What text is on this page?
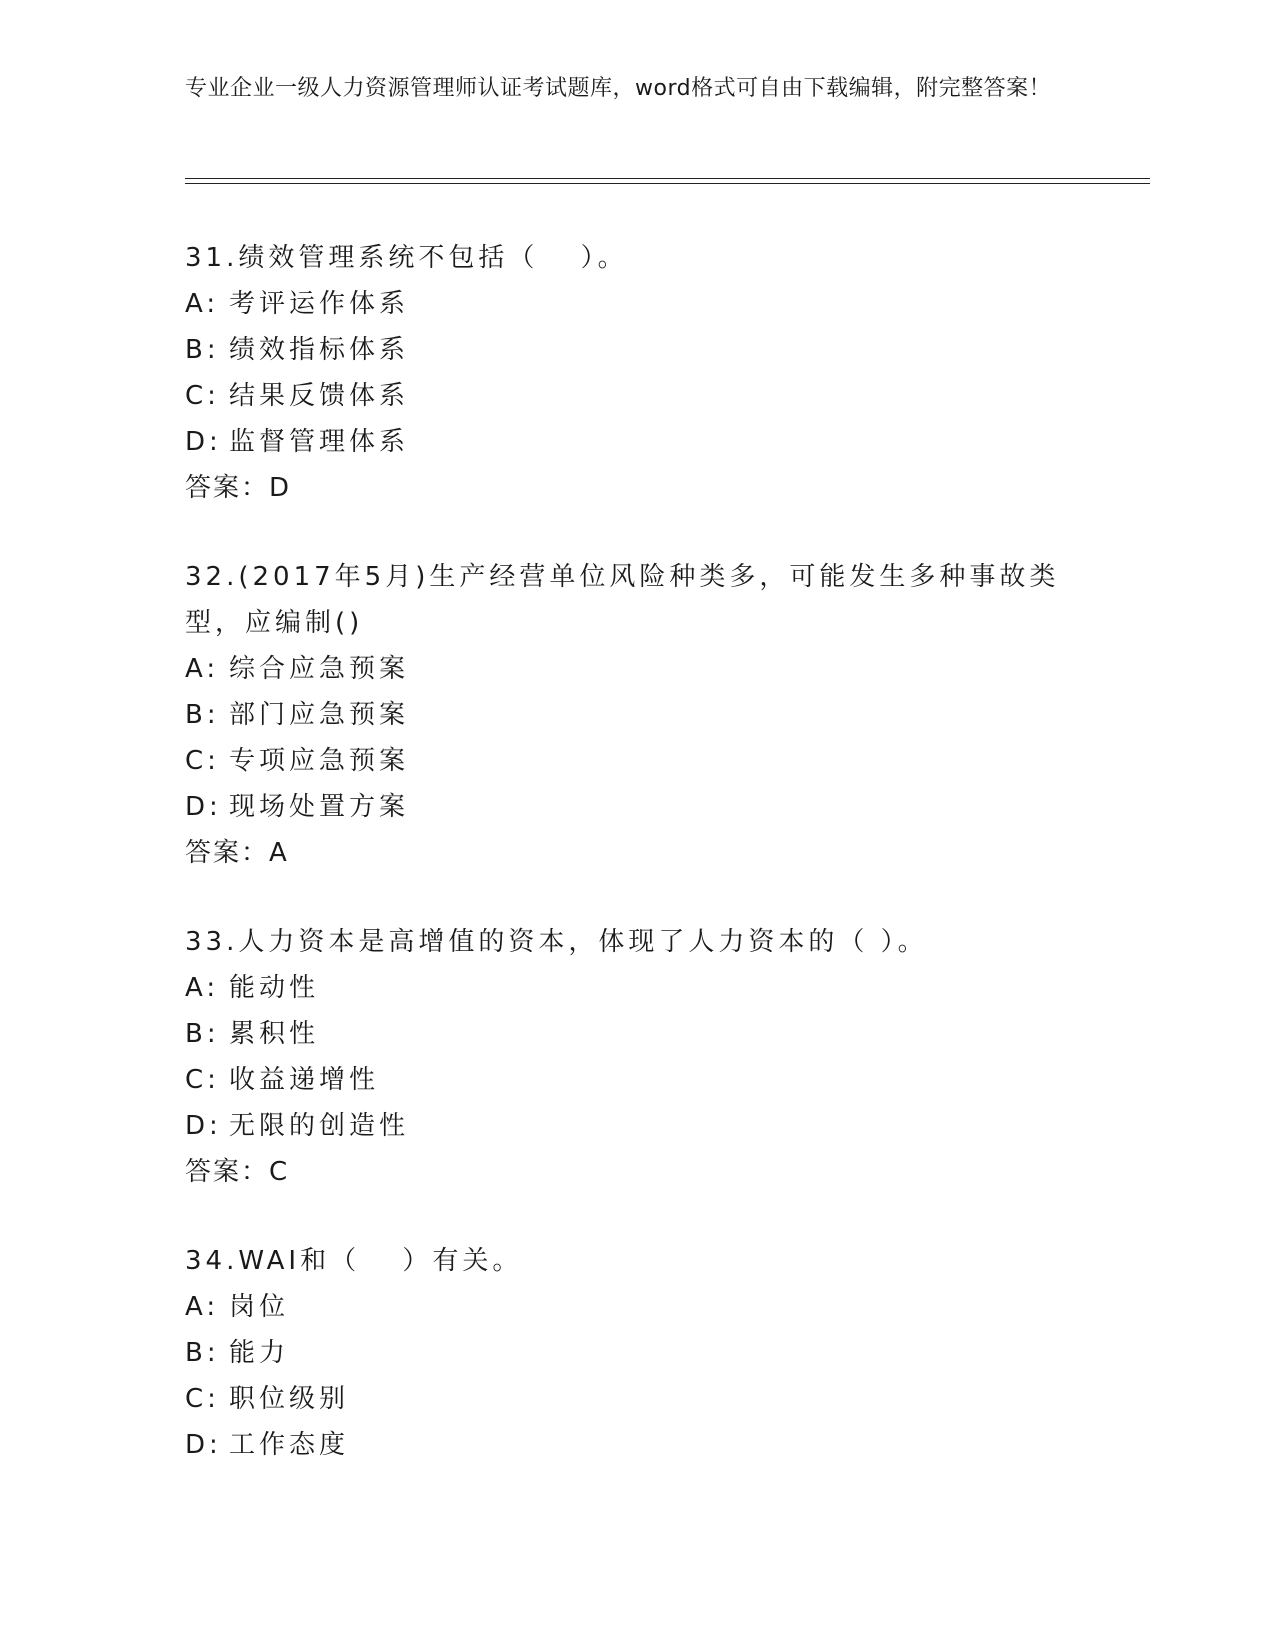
专业企业一级人力资源管理师认证考试题库，word格式可自由下载编辑，附完整答案！

31.绩效管理系统不包括（　 ）。

A: 考评运作体系
B: 绩效指标体系
C: 结果反馈体系
D: 监督管理体系
答案：D

32.(2017年5月)生产经营单位风险种类多，可能发生多种事故类型，应编制()

A: 综合应急预案
B: 部门应急预案
C: 专项应急预案
D: 现场处置方案
答案：A

33.人力资本是高增值的资本，体现了人力资本的（ ）。

A: 能动性
B: 累积性
C: 收益递增性
D: 无限的创造性
答案：C

34.WAI和（　 ）有关。

A: 岗位
B: 能力
C: 职位级别
D: 工作态度
